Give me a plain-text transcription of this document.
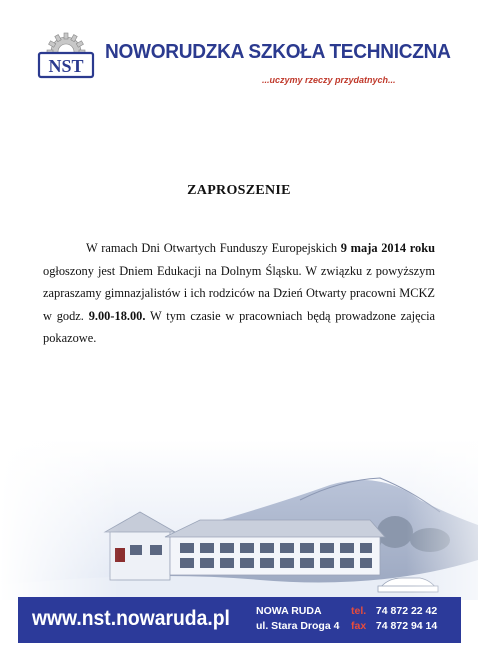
NST
NOWORUDZKA SZKOŁA TECHNICZNA
...uczymy rzeczy przydatnych...
ZAPROSZENIE
W ramach Dni Otwartych Funduszy Europejskich 9 maja 2014 roku ogłoszony jest Dniem Edukacji na Dolnym Śląsku. W związku z powyższym zapraszamy gimnazjalistów i ich rodziców na Dzień Otwarty pracowni MCKZ w godz. 9.00-18.00. W tym czasie w pracowniach będą prowadzone zajęcia pokazowe.
www.nst.nowaruda.pl NOWA RUDA
ul. Stara Droga 4
tel. 74 872 22 42
fax 74 872 94 14
